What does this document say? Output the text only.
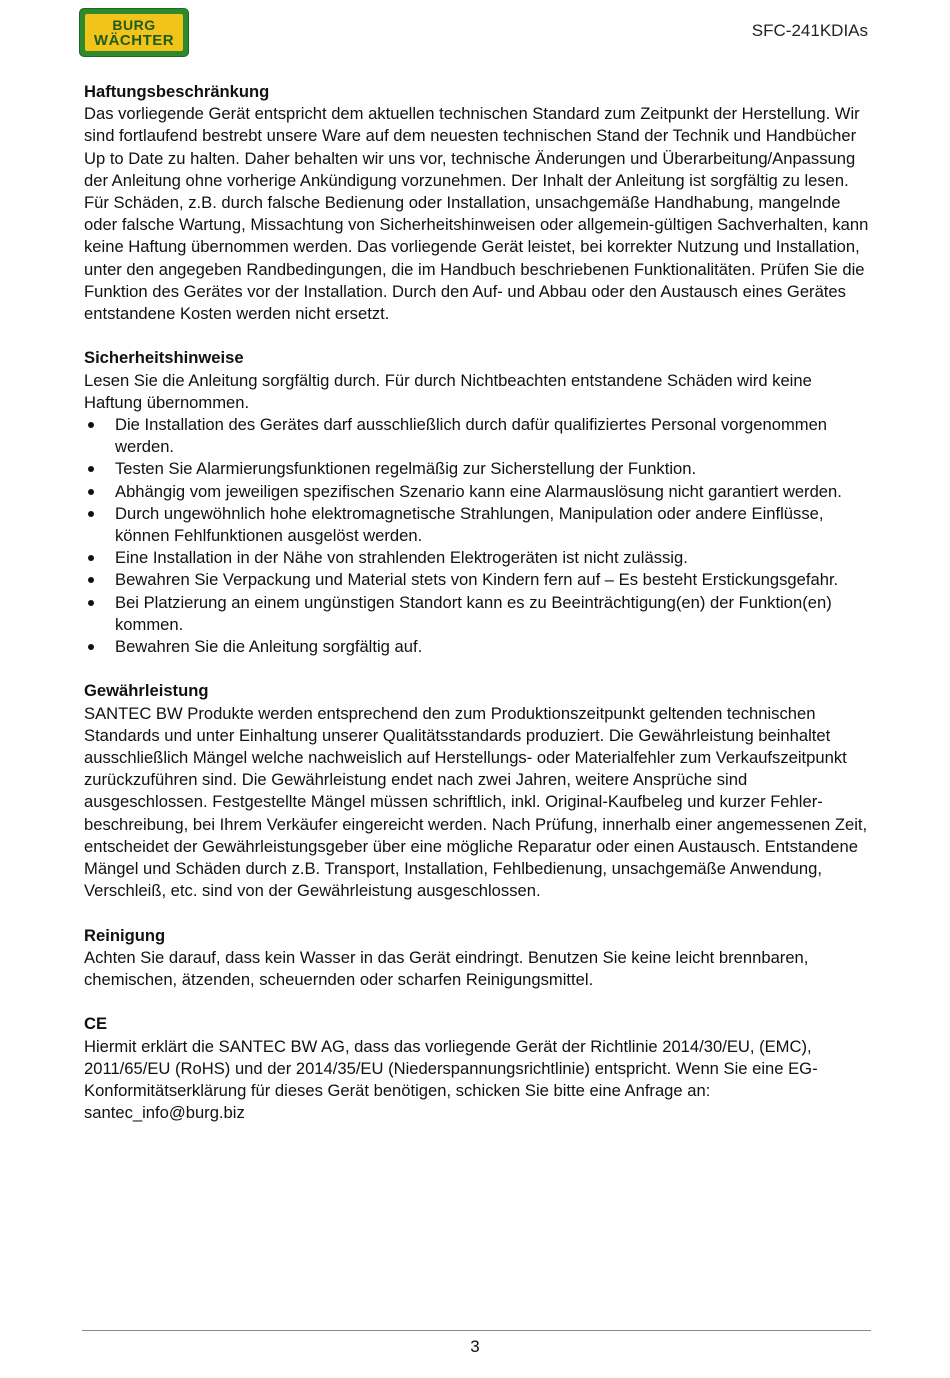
BURG
WÄCHTER	SFC-241KDIAs

Haftungsbeschränkung

Das vorliegende Gerät entspricht dem aktuellen technischen Standard zum Zeitpunkt der Herstellung. Wir sind fortlaufend bestrebt unsere Ware auf dem neuesten technischen Stand der Technik und Handbücher Up to Date zu halten. Daher behalten wir uns vor, technische Änderungen und Überarbeitung/Anpassung der Anleitung ohne vorherige Ankündigung vorzunehmen. Der Inhalt der Anleitung ist sorgfältig zu lesen.

Für Schäden, z.B. durch falsche Bedienung oder Installation, unsachgemäße Handhabung, mangelnde oder falsche Wartung, Missachtung von Sicherheitshinweisen oder allgemein-gültigen Sachverhalten, kann keine Haftung übernommen werden. Das vorliegende Gerät leistet, bei korrekter Nutzung und Installation, unter den angegeben Randbedingungen, die im Handbuch beschriebenen Funktionalitäten. Prüfen Sie die Funktion des Gerätes vor der Installation. Durch den Auf- und Abbau oder den Austausch eines Gerätes entstandene Kosten werden nicht ersetzt.

Sicherheitshinweise

Lesen Sie die Anleitung sorgfältig durch. Für durch Nichtbeachten entstandene Schäden wird keine Haftung übernommen.

Die Installation des Gerätes darf ausschließlich durch dafür qualifiziertes Personal vorgenommen werden.
Testen Sie Alarmierungsfunktionen regelmäßig zur Sicherstellung der Funktion.
Abhängig vom jeweiligen spezifischen Szenario kann eine Alarmauslösung nicht garantiert werden.
Durch ungewöhnlich hohe elektromagnetische Strahlungen, Manipulation oder andere Einflüsse, können Fehlfunktionen ausgelöst werden.
Eine Installation in der Nähe von strahlenden Elektrogeräten ist nicht zulässig.
Bewahren Sie Verpackung und Material stets von Kindern fern auf – Es besteht Erstickungsgefahr.
Bei Platzierung an einem ungünstigen Standort kann es zu Beeinträchtigung(en) der Funktion(en) kommen.
Bewahren Sie die Anleitung sorgfältig auf.

Gewährleistung

SANTEC BW Produkte werden entsprechend den zum Produktionszeitpunkt geltenden technischen Standards und unter Einhaltung unserer Qualitätsstandards produziert. Die Gewährleistung beinhaltet ausschließlich Mängel welche nachweislich auf Herstellungs- oder Materialfehler zum Verkaufszeitpunkt zurückzuführen sind. Die Gewährleistung endet nach zwei Jahren, weitere Ansprüche sind ausgeschlossen. Festgestellte Mängel müssen schriftlich, inkl. Original-Kaufbeleg und kurzer Fehler-beschreibung, bei Ihrem Verkäufer eingereicht werden. Nach Prüfung, innerhalb einer angemessenen Zeit, entscheidet der Gewährleistungsgeber über eine mögliche Reparatur oder einen Austausch. Entstandene Mängel und Schäden durch z.B. Transport, Installation, Fehlbedienung, unsachgemäße Anwendung, Verschleiß, etc. sind von der Gewährleistung ausgeschlossen.

Reinigung

Achten Sie darauf, dass kein Wasser in das Gerät eindringt. Benutzen Sie keine leicht brennbaren, chemischen, ätzenden, scheuernden oder scharfen Reinigungsmittel.

CE

Hiermit erklärt die SANTEC BW AG, dass das vorliegende Gerät der Richtlinie 2014/30/EU, (EMC), 2011/65/EU (RoHS) und der 2014/35/EU (Niederspannungsrichtlinie) entspricht. Wenn Sie eine EG-Konformitätserklärung für dieses Gerät benötigen, schicken Sie bitte eine Anfrage an: santec_info@burg.biz

3
